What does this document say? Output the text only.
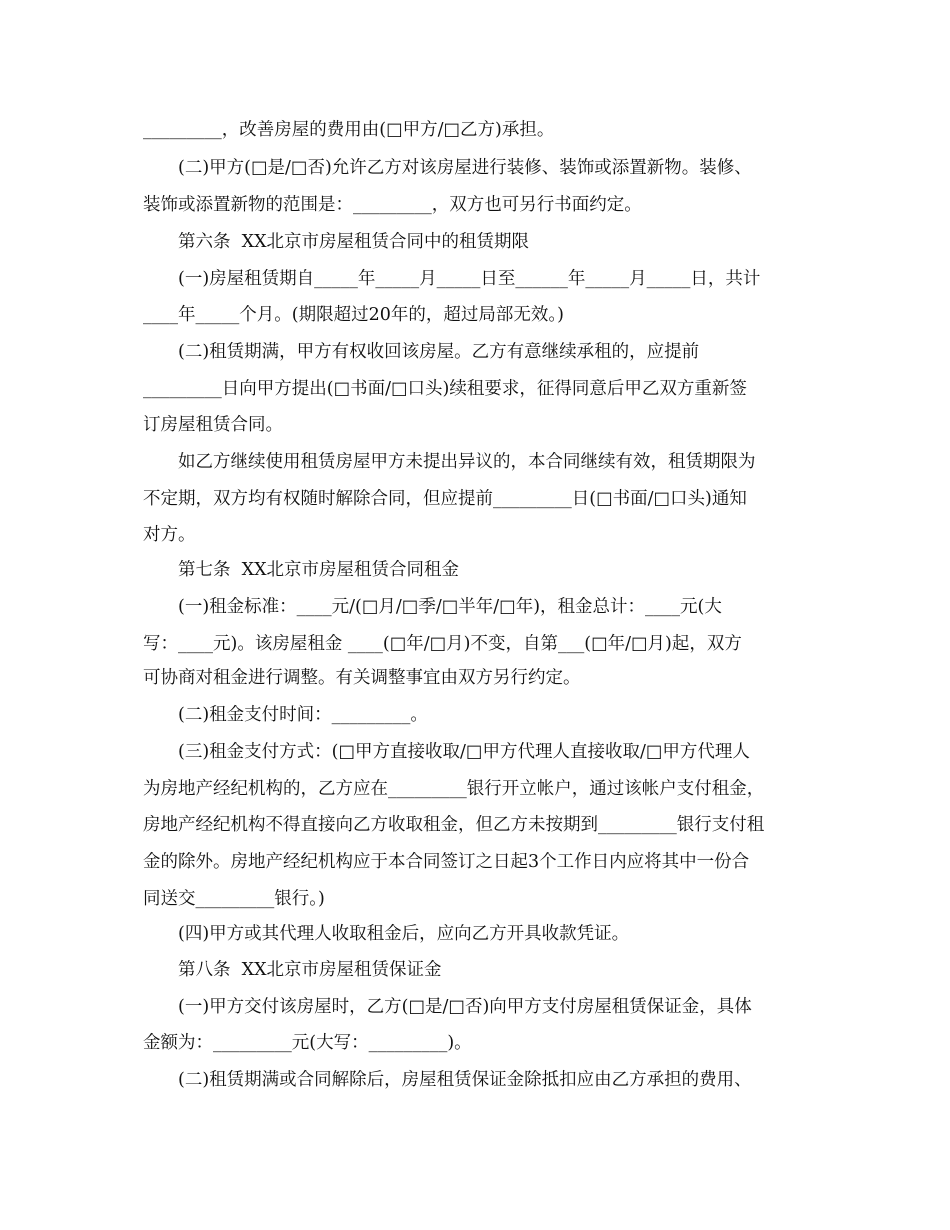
_________，改善房屋的费用由(□甲方/□乙方)承担。
(二)甲方(□是/□否)允许乙方对该房屋进行装修、装饰或添置新物。装修、
装饰或添置新物的范围是：_________，双方也可另行书面约定。
第六条  XX北京市房屋租赁合同中的租赁期限
(一)房屋租赁期自_____年_____月_____日至______年_____月_____日，共计
____年_____个月。(期限超过20年的，超过局部无效。)
(二)租赁期满，甲方有权收回该房屋。乙方有意继续承租的，应提前
_________日向甲方提出(□书面/□口头)续租要求，征得同意后甲乙双方重新签
订房屋租赁合同。
如乙方继续使用租赁房屋甲方未提出异议的，本合同继续有效，租赁期限为
不定期，双方均有权随时解除合同，但应提前_________日(□书面/□口头)通知
对方。
第七条  XX北京市房屋租赁合同租金
(一)租金标准：____元/(□月/□季/□半年/□年)，租金总计：____元(大
写：____元)。该房屋租金 ____(□年/□月)不变，自第___(□年/□月)起，双方
可协商对租金进行调整。有关调整事宜由双方另行约定。
(二)租金支付时间：_________。
(三)租金支付方式：(□甲方直接收取/□甲方代理人直接收取/□甲方代理人
为房地产经纪机构的，乙方应在_________银行开立帐户，通过该帐户支付租金，
房地产经纪机构不得直接向乙方收取租金，但乙方未按期到_________银行支付租
金的除外。房地产经纪机构应于本合同签订之日起3个工作日内应将其中一份合
同送交_________银行。)
(四)甲方或其代理人收取租金后，应向乙方开具收款凭证。
第八条  XX北京市房屋租赁保证金
(一)甲方交付该房屋时，乙方(□是/□否)向甲方支付房屋租赁保证金，具体
金额为：_________元(大写：_________)。
(二)租赁期满或合同解除后，房屋租赁保证金除抵扣应由乙方承担的费用、
